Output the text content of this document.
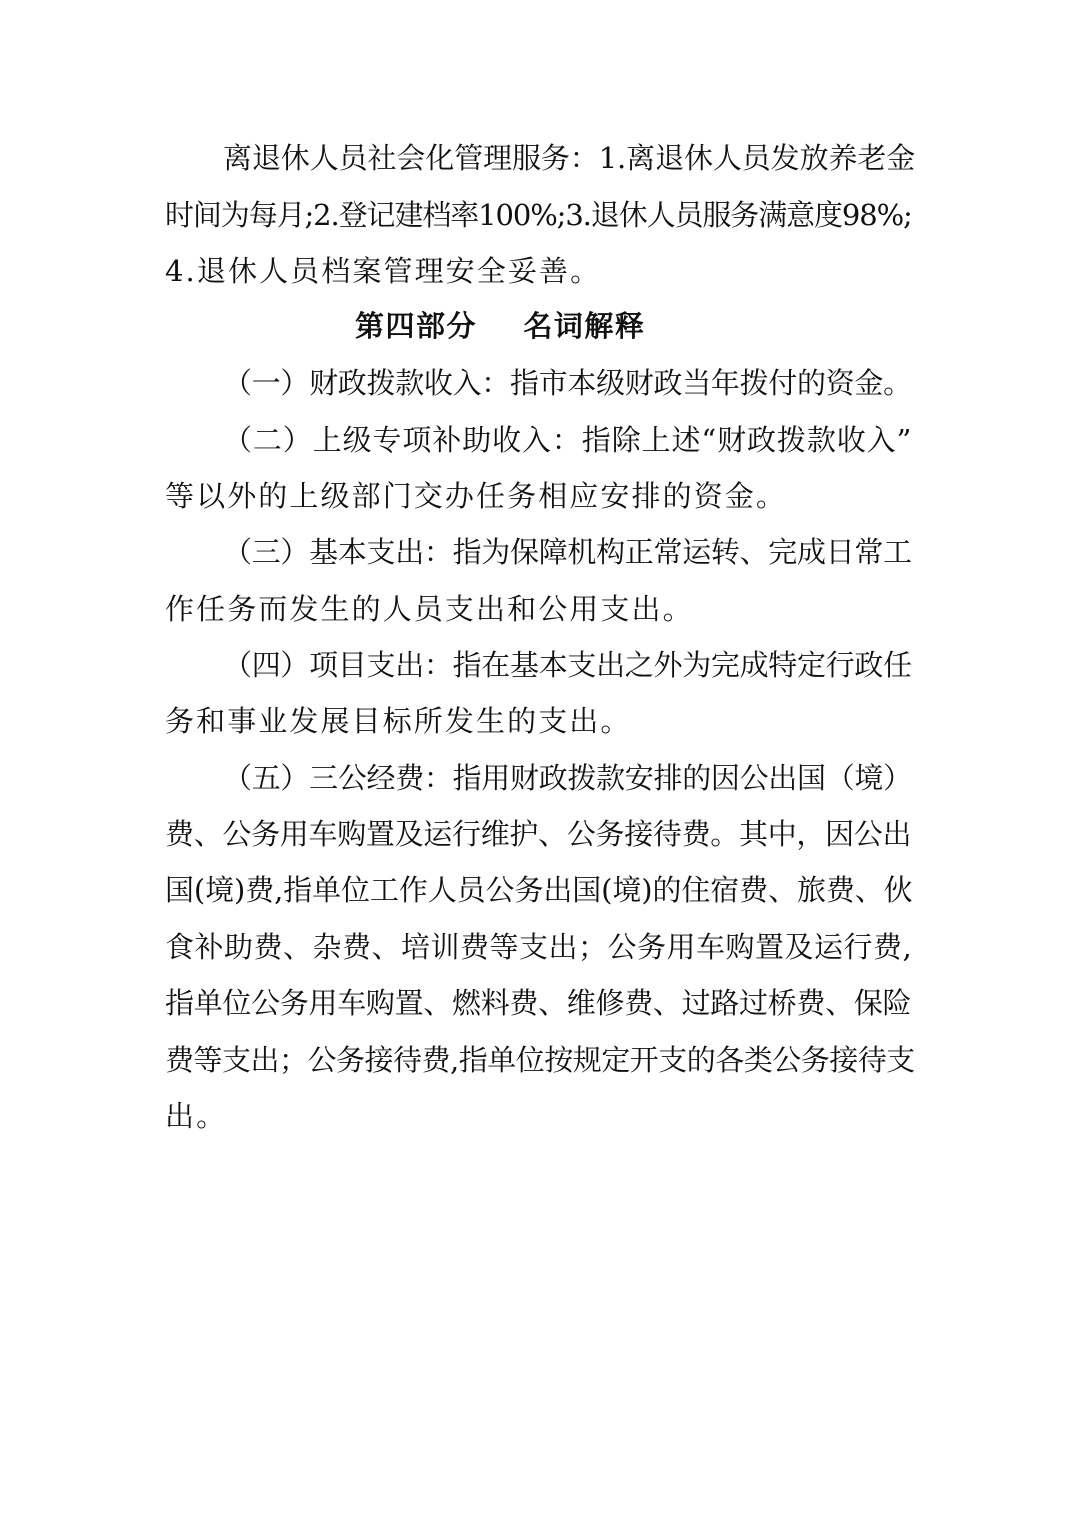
离退休人员社会化管理服务：1.离退休人员发放养老金
时间为每月;2.登记建档率100%;3.退休人员服务满意度98%;
4.退休人员档案管理安全妥善。
第四部分    名词解释
（一）财政拨款收入：指市本级财政当年拨付的资金。
（二）上级专项补助收入：指除上述“财政拨款收入”
等以外的上级部门交办任务相应安排的资金。
（三）基本支出：指为保障机构正常运转、完成日常工
作任务而发生的人员支出和公用支出。
（四）项目支出：指在基本支出之外为完成特定行政任
务和事业发展目标所发生的支出。
（五）三公经费：指用财政拨款安排的因公出国（境）
费、公务用车购置及运行维护、公务接待费。其中，因公出
国(境)费,指单位工作人员公务出国(境)的住宿费、旅费、伙
食补助费、杂费、培训费等支出；公务用车购置及运行费,
指单位公务用车购置、燃料费、维修费、过路过桥费、保险
费等支出；公务接待费,指单位按规定开支的各类公务接待支
出。
